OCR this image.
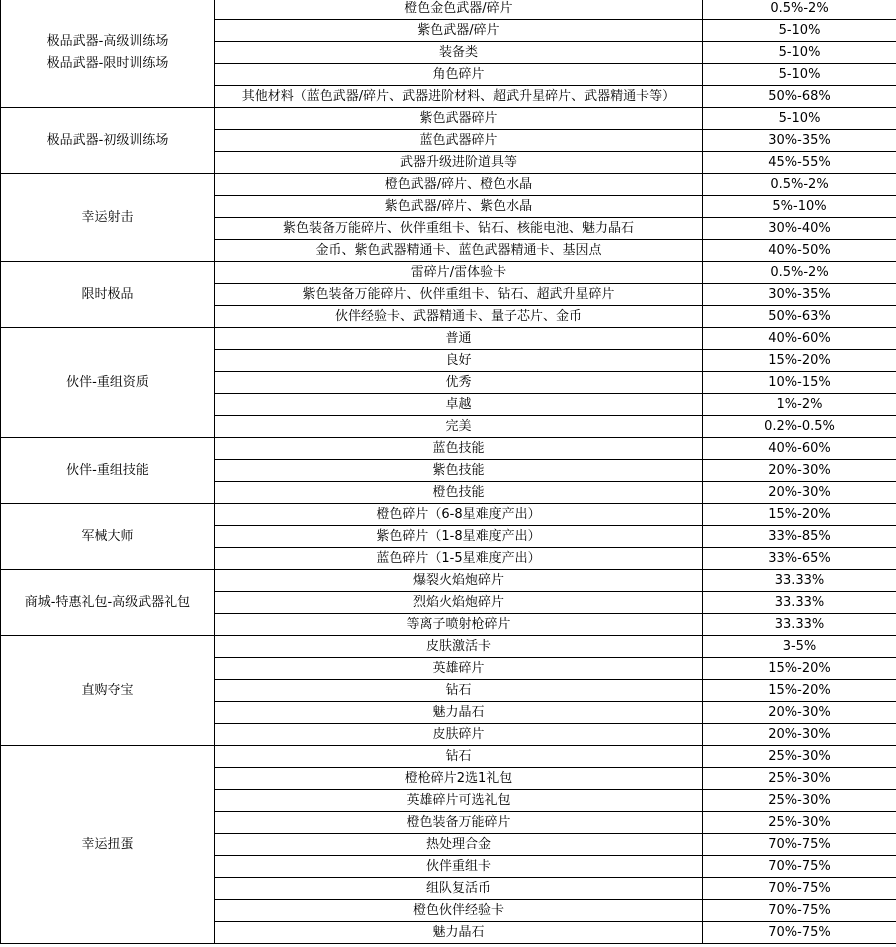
极品武器-高级训练场
极品武器-限时训练场	橙色金色武器/碎片	0.5%-2%
	紫色武器/碎片	5-10%
	装备类	5-10%
	角色碎片	5-10%
	其他材料（蓝色武器/碎片、武器进阶材料、超武升星碎片、武器精通卡等）	50%-68%

极品武器-初级训练场	紫色武器碎片	5-10%
	蓝色武器碎片	30%-35%
	武器升级进阶道具等	45%-55%

幸运射击	橙色武器/碎片、橙色水晶	0.5%-2%
	紫色武器/碎片、紫色水晶	5%-10%
	紫色装备万能碎片、伙伴重组卡、钻石、核能电池、魅力晶石	30%-40%
	金币、紫色武器精通卡、蓝色武器精通卡、基因点	40%-50%

限时极品	雷碎片/雷体验卡	0.5%-2%
	紫色装备万能碎片、伙伴重组卡、钻石、超武升星碎片	30%-35%
	伙伴经验卡、武器精通卡、量子芯片、金币	50%-63%

伙伴-重组资质	普通	40%-60%
	良好	15%-20%
	优秀	10%-15%
	卓越	1%-2%
	完美	0.2%-0.5%

伙伴-重组技能	蓝色技能	40%-60%
	紫色技能	20%-30%
	橙色技能	20%-30%

军械大师	橙色碎片（6-8星难度产出）	15%-20%
	紫色碎片（1-8星难度产出）	33%-85%
	蓝色碎片（1-5星难度产出）	33%-65%

商城-特惠礼包-高级武器礼包	爆裂火焰炮碎片	33.33%
	烈焰火焰炮碎片	33.33%
	等离子喷射枪碎片	33.33%

直购夺宝	皮肤激活卡	3-5%
	英雄碎片	15%-20%
	钻石	15%-20%
	魅力晶石	20%-30%
	皮肤碎片	20%-30%

幸运扭蛋	钻石	25%-30%
	橙枪碎片2选1礼包	25%-30%
	英雄碎片可选礼包	25%-30%
	橙色装备万能碎片	25%-30%
	热处理合金	70%-75%
	伙伴重组卡	70%-75%
	组队复活币	70%-75%
	橙色伙伴经验卡	70%-75%
	魅力晶石	70%-75%
